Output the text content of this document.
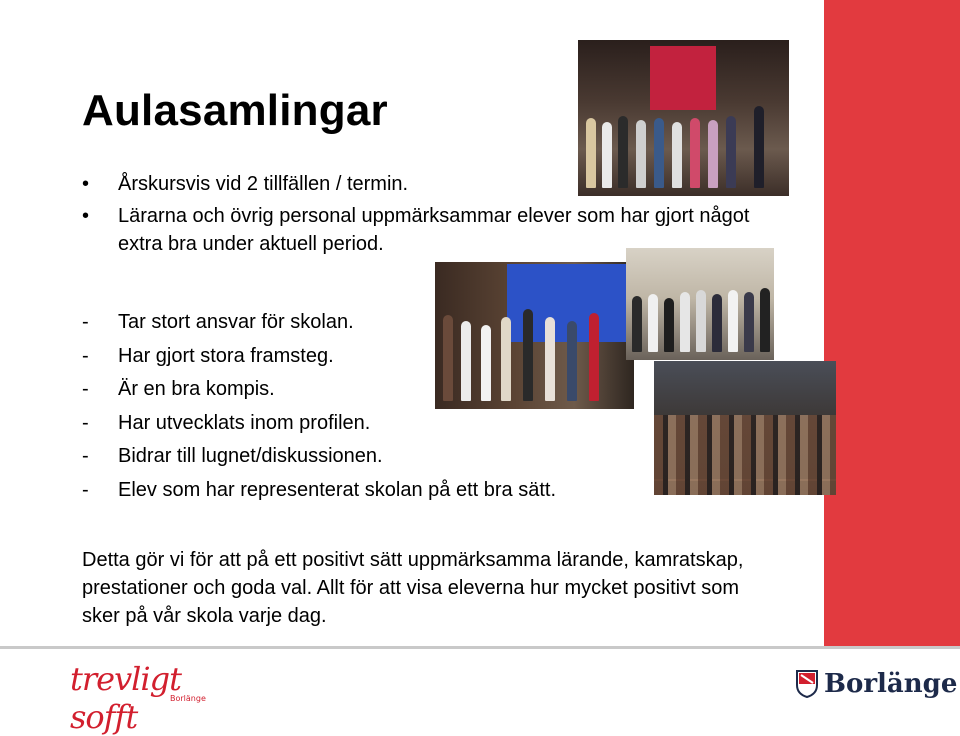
Aulasamlingar
• Årskursvis vid 2 tillfällen / termin.
• Lärarna och övrig personal uppmärksammar elever som har gjort något extra bra under aktuell period.
- Tar stort ansvar för skolan.
- Har gjort stora framsteg.
- Är en bra kompis.
- Har utvecklats inom profilen.
- Bidrar till lugnet/diskussionen.
- Elev som har representerat skolan på ett bra sätt.

Detta gör vi för att på ett positivt sätt uppmärksamma lärande, kamratskap, prestationer och goda val. Allt för att visa eleverna hur mycket positivt som sker på vår skola varje dag.

trevligt sofft	Borlänge	Borlänge
